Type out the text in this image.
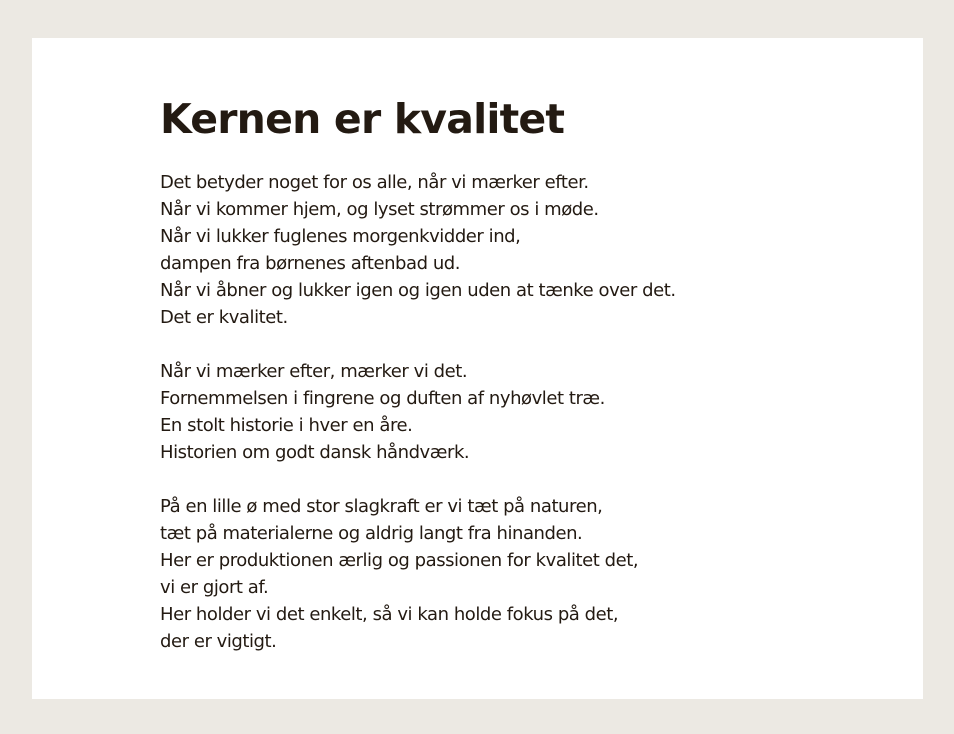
Kernen er kvalitet

Det betyder noget for os alle, når vi mærker efter.
Når vi kommer hjem, og lyset strømmer os i møde.
Når vi lukker fuglenes morgenkvidder ind,
dampen fra børnenes aftenbad ud.
Når vi åbner og lukker igen og igen uden at tænke over det.
Det er kvalitet.

Når vi mærker efter, mærker vi det.
Fornemmelsen i fingrene og duften af nyhøvlet træ.
En stolt historie i hver en åre.
Historien om godt dansk håndværk.

På en lille ø med stor slagkraft er vi tæt på naturen,
tæt på materialerne og aldrig langt fra hinanden.
Her er produktionen ærlig og passionen for kvalitet det,
vi er gjort af.
Her holder vi det enkelt, så vi kan holde fokus på det,
der er vigtigt.
